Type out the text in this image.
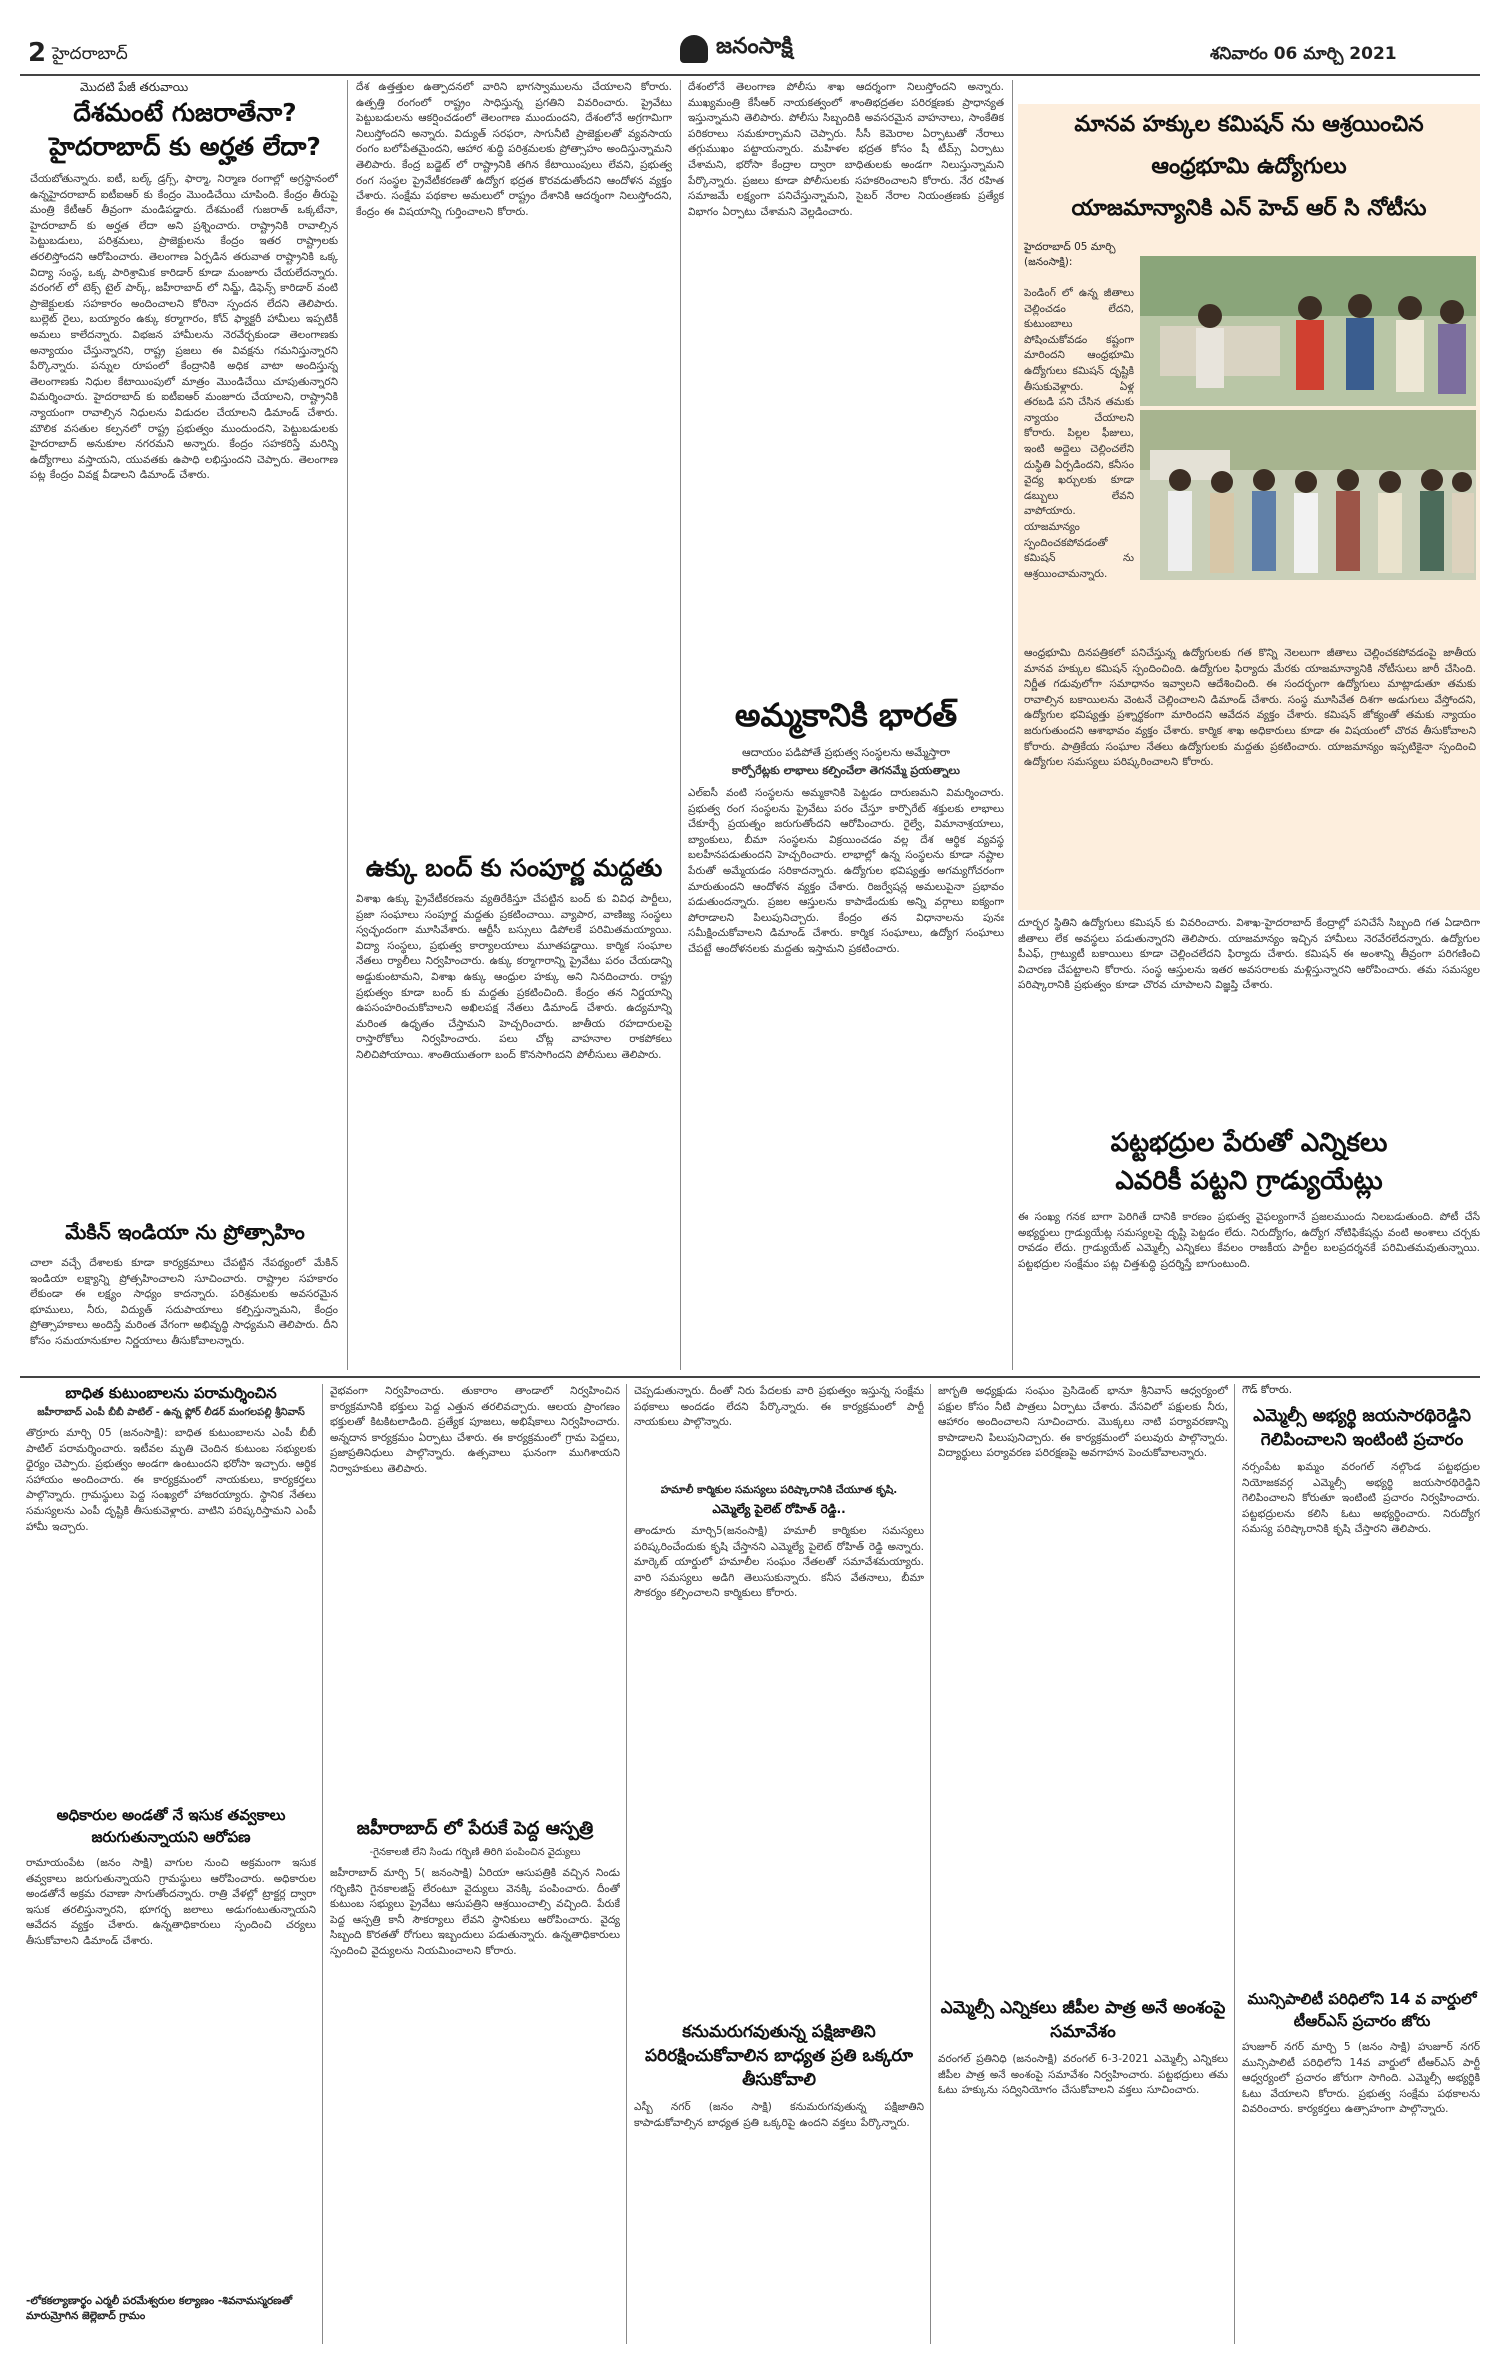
2 హైదరాబాద్	జనంసాక్షి	శనివారం 06 మార్చి 2021
మొదటి పేజీ తరువాయి
దేశమంటే గుజరాతేనా?
హైదరాబాద్ కు అర్హత లేదా?
చేయబోతున్నారు. ఐటీ, బల్క్ డ్రగ్స్, ఫార్మా, నిర్మాణ రంగాల్లో అగ్రస్థానంలో ఉన్నహైదరాబాద్ ఐటీఐఆర్ కు కేంద్రం మొండిచేయి చూపింది. కేంద్రం తీరుపై మంత్రి కేటీఆర్ తీవ్రంగా మండిపడ్డారు. దేశమంటే గుజరాత్ ఒక్కటేనా, హైదరాబాద్ కు అర్హత లేదా అని ప్రశ్నించారు. రాష్ట్రానికి రావాల్సిన పెట్టుబడులు, పరిశ్రమలు, ప్రాజెక్టులను కేంద్రం ఇతర రాష్ట్రాలకు తరలిస్తోందని ఆరోపించారు. తెలంగాణ ఏర్పడిన తరువాత రాష్ట్రానికి ఒక్క విద్యా సంస్థ, ఒక్క పారిశ్రామిక కారిడార్ కూడా మంజూరు చేయలేదన్నారు. వరంగల్ లో టెక్స్ టైల్ పార్క్, జహీరాబాద్ లో నిమ్జ్, డిఫెన్స్ కారిడార్ వంటి ప్రాజెక్టులకు సహకారం అందించాలని కోరినా స్పందన లేదని తెలిపారు. బుల్లెట్ రైలు, బయ్యారం ఉక్కు కర్మాగారం, కోచ్ ఫ్యాక్టరీ హామీలు ఇప్పటికీ అమలు కాలేదన్నారు. విభజన హామీలను నెరవేర్చకుండా తెలంగాణకు అన్యాయం చేస్తున్నారని, రాష్ట్ర ప్రజలు ఈ వివక్షను గమనిస్తున్నారని పేర్కొన్నారు. పన్నుల రూపంలో కేంద్రానికి అధిక వాటా అందిస్తున్న తెలంగాణకు నిధుల కేటాయింపులో మాత్రం మొండిచేయి చూపుతున్నారని విమర్శించారు. హైదరాబాద్ కు ఐటీఐఆర్ మంజూరు చేయాలని, రాష్ట్రానికి న్యాయంగా రావాల్సిన నిధులను విడుదల చేయాలని డిమాండ్ చేశారు. మౌలిక వసతుల కల్పనలో రాష్ట్ర ప్రభుత్వం ముందుందని, పెట్టుబడులకు హైదరాబాద్ అనుకూల నగరమని అన్నారు. కేంద్రం సహకరిస్తే మరిన్ని ఉద్యోగాలు వస్తాయని, యువతకు ఉపాధి లభిస్తుందని చెప్పారు. తెలంగాణ పట్ల కేంద్రం వివక్ష వీడాలని డిమాండ్ చేశారు.
మేకిన్ ఇండియా ను ప్రోత్సాహిం
చాలా వచ్చే దేశాలకు కూడా కార్యక్రమాలు చేపట్టిన నేపథ్యంలో మేకిన్ ఇండియా లక్ష్యాన్ని ప్రోత్సహించాలని సూచించారు. రాష్ట్రాల సహకారం లేకుండా ఈ లక్ష్యం సాధ్యం కాదన్నారు. పరిశ్రమలకు అవసరమైన భూములు, నీరు, విద్యుత్ సదుపాయాలు కల్పిస్తున్నామని, కేంద్రం ప్రోత్సాహకాలు అందిస్తే మరింత వేగంగా అభివృద్ధి సాధ్యమని తెలిపారు. దీని కోసం సమయానుకూల నిర్ణయాలు తీసుకోవాలన్నారు.
దేశ ఉత్తత్తుల ఉత్పాదనలో వారిని భాగస్వాములను చేయాలని కోరారు. ఉత్పత్తి రంగంలో రాష్ట్రం సాధిస్తున్న ప్రగతిని వివరించారు. ప్రైవేటు పెట్టుబడులను ఆకర్షించడంలో తెలంగాణ ముందుందని, దేశంలోనే అగ్రగామిగా నిలుస్తోందని అన్నారు. విద్యుత్ సరఫరా, సాగునీటి ప్రాజెక్టులతో వ్యవసాయ రంగం బలోపేతమైందని, ఆహార శుద్ధి పరిశ్రమలకు ప్రోత్సాహం అందిస్తున్నామని తెలిపారు. కేంద్ర బడ్జెట్ లో రాష్ట్రానికి తగిన కేటాయింపులు లేవని, ప్రభుత్వ రంగ సంస్థల ప్రైవేటీకరణతో ఉద్యోగ భద్రత కొరవడుతోందని ఆందోళన వ్యక్తం చేశారు. సంక్షేమ పథకాల అమలులో రాష్ట్రం దేశానికి ఆదర్శంగా నిలుస్తోందని, కేంద్రం ఈ విషయాన్ని గుర్తించాలని కోరారు.
ఉక్కు బంద్ కు సంపూర్ణ మద్దతు
విశాఖ ఉక్కు ప్రైవేటీకరణను వ్యతిరేకిస్తూ చేపట్టిన బంద్ కు వివిధ పార్టీలు, ప్రజా సంఘాలు సంపూర్ణ మద్దతు ప్రకటించాయి. వ్యాపార, వాణిజ్య సంస్థలు స్వచ్ఛందంగా మూసివేశారు. ఆర్టీసీ బస్సులు డిపోలకే పరిమితమయ్యాయి. విద్యా సంస్థలు, ప్రభుత్వ కార్యాలయాలు మూతపడ్డాయి. కార్మిక సంఘాల నేతలు ర్యాలీలు నిర్వహించారు. ఉక్కు కర్మాగారాన్ని ప్రైవేటు పరం చేయడాన్ని అడ్డుకుంటామని, విశాఖ ఉక్కు ఆంధ్రుల హక్కు అని నినదించారు. రాష్ట్ర ప్రభుత్వం కూడా బంద్ కు మద్దతు ప్రకటించింది. కేంద్రం తన నిర్ణయాన్ని ఉపసంహరించుకోవాలని అఖిలపక్ష నేతలు డిమాండ్ చేశారు. ఉద్యమాన్ని మరింత ఉధృతం చేస్తామని హెచ్చరించారు. జాతీయ రహదారులపై రాస్తారోకోలు నిర్వహించారు. పలు చోట్ల వాహనాల రాకపోకలు నిలిచిపోయాయి. శాంతియుతంగా బంద్ కొనసాగిందని పోలీసులు తెలిపారు.
దేశంలోనే తెలంగాణ పోలీసు శాఖ ఆదర్శంగా నిలుస్తోందని అన్నారు. ముఖ్యమంత్రి కేసీఆర్ నాయకత్వంలో శాంతిభద్రతల పరిరక్షణకు ప్రాధాన్యత ఇస్తున్నామని తెలిపారు. పోలీసు సిబ్బందికి అవసరమైన వాహనాలు, సాంకేతిక పరికరాలు సమకూర్చామని చెప్పారు. సీసీ కెమెరాల ఏర్పాటుతో నేరాలు తగ్గుముఖం పట్టాయన్నారు. మహిళల భద్రత కోసం షీ టీమ్స్ ఏర్పాటు చేశామని, భరోసా కేంద్రాల ద్వారా బాధితులకు అండగా నిలుస్తున్నామని పేర్కొన్నారు. ప్రజలు కూడా పోలీసులకు సహకరించాలని కోరారు. నేర రహిత సమాజమే లక్ష్యంగా పనిచేస్తున్నామని, సైబర్ నేరాల నియంత్రణకు ప్రత్యేక విభాగం ఏర్పాటు చేశామని వెల్లడించారు.
అమ్మకానికి భారత్
ఆదాయం పడిపోతే ప్రభుత్వ సంస్థలను అమ్మేస్తారా
కార్పోరేట్లకు లాభాలు కల్పించేలా తెగనమ్మే ప్రయత్నాలు
ఎల్ఐసీ వంటి సంస్థలను అమ్మకానికి పెట్టడం దారుణమని విమర్శించారు. ప్రభుత్వ రంగ సంస్థలను ప్రైవేటు పరం చేస్తూ కార్పొరేట్ శక్తులకు లాభాలు చేకూర్చే ప్రయత్నం జరుగుతోందని ఆరోపించారు. రైల్వే, విమానాశ్రయాలు, బ్యాంకులు, బీమా సంస్థలను విక్రయించడం వల్ల దేశ ఆర్థిక వ్యవస్థ బలహీనపడుతుందని హెచ్చరించారు. లాభాల్లో ఉన్న సంస్థలను కూడా నష్టాల పేరుతో అమ్మేయడం సరికాదన్నారు. ఉద్యోగుల భవిష్యత్తు అగమ్యగోచరంగా మారుతుందని ఆందోళన వ్యక్తం చేశారు. రిజర్వేషన్ల అమలుపైనా ప్రభావం పడుతుందన్నారు. ప్రజల ఆస్తులను కాపాడేందుకు అన్ని వర్గాలు ఐక్యంగా పోరాడాలని పిలుపునిచ్చారు. కేంద్రం తన విధానాలను పునః సమీక్షించుకోవాలని డిమాండ్ చేశారు. కార్మిక సంఘాలు, ఉద్యోగ సంఘాలు చేపట్టే ఆందోళనలకు మద్దతు ఇస్తామని ప్రకటించారు.
మానవ హక్కుల కమిషన్ ను ఆశ్రయించిన
ఆంధ్రభూమి ఉద్యోగులు
యాజమాన్యానికి ఎన్ హెచ్ ఆర్ సి నోటీసు
హైదరాబాద్ 05 మార్చి (జనంసాక్షి):
పెండింగ్ లో ఉన్న జీతాలు చెల్లించడం లేదని, కుటుంబాలు పోషించుకోవడం కష్టంగా మారిందని ఆంధ్రభూమి ఉద్యోగులు కమిషన్ దృష్టికి తీసుకువెళ్లారు. ఏళ్ల తరబడి పని చేసిన తమకు న్యాయం చేయాలని కోరారు. పిల్లల ఫీజులు, ఇంటి అద్దెలు చెల్లించలేని దుస్థితి ఏర్పడిందని, కనీసం వైద్య ఖర్చులకు కూడా డబ్బులు లేవని వాపోయారు. యాజమాన్యం స్పందించకపోవడంతో కమిషన్ ను ఆశ్రయించామన్నారు.
ఆంధ్రభూమి దినపత్రికలో పనిచేస్తున్న ఉద్యోగులకు గత కొన్ని నెలలుగా జీతాలు చెల్లించకపోవడంపై జాతీయ మానవ హక్కుల కమిషన్ స్పందించింది. ఉద్యోగుల ఫిర్యాదు మేరకు యాజమాన్యానికి నోటీసులు జారీ చేసింది. నిర్ణీత గడువులోగా సమాధానం ఇవ్వాలని ఆదేశించింది. ఈ సందర్భంగా ఉద్యోగులు మాట్లాడుతూ తమకు రావాల్సిన బకాయిలను వెంటనే చెల్లించాలని డిమాండ్ చేశారు. సంస్థ మూసివేత దిశగా అడుగులు వేస్తోందని, ఉద్యోగుల భవిష్యత్తు ప్రశ్నార్థకంగా మారిందని ఆవేదన వ్యక్తం చేశారు. కమిషన్ జోక్యంతో తమకు న్యాయం జరుగుతుందని ఆశాభావం వ్యక్తం చేశారు. కార్మిక శాఖ అధికారులు కూడా ఈ విషయంలో చొరవ తీసుకోవాలని కోరారు. పాత్రికేయ సంఘాల నేతలు ఉద్యోగులకు మద్దతు ప్రకటించారు. యాజమాన్యం ఇప్పటికైనా స్పందించి ఉద్యోగుల సమస్యలు పరిష్కరించాలని కోరారు.
దూర్భర స్థితిని ఉద్యోగులు కమిషన్ కు వివరించారు. విశాఖ-హైదరాబాద్ కేంద్రాల్లో పనిచేసే సిబ్బంది గత ఏడాదిగా జీతాలు లేక అవస్థలు పడుతున్నారని తెలిపారు. యాజమాన్యం ఇచ్చిన హామీలు నెరవేరలేదన్నారు. ఉద్యోగుల పీఎఫ్, గ్రాట్యుటీ బకాయిలు కూడా చెల్లించలేదని ఫిర్యాదు చేశారు. కమిషన్ ఈ అంశాన్ని తీవ్రంగా పరిగణించి విచారణ చేపట్టాలని కోరారు. సంస్థ ఆస్తులను ఇతర అవసరాలకు మళ్లిస్తున్నారని ఆరోపించారు. తమ సమస్యల పరిష్కారానికి ప్రభుత్వం కూడా చొరవ చూపాలని విజ్ఞప్తి చేశారు.
పట్టభద్రుల పేరుతో ఎన్నికలు
ఎవరికీ పట్టని గ్రాడ్యుయేట్లు
ఈ సంఖ్య గనక బాగా పెరిగితే దానికి కారణం ప్రభుత్వ వైఫల్యంగానే ప్రజలముందు నిలబడుతుంది. పోటీ చేసే అభ్యర్థులు గ్రాడ్యుయేట్ల సమస్యలపై దృష్టి పెట్టడం లేదు. నిరుద్యోగం, ఉద్యోగ నోటిఫికేషన్లు వంటి అంశాలు చర్చకు రావడం లేదు. గ్రాడ్యుయేట్ ఎమ్మెల్సీ ఎన్నికలు కేవలం రాజకీయ పార్టీల బలప్రదర్శనకే పరిమితమవుతున్నాయి. పట్టభద్రుల సంక్షేమం పట్ల చిత్తశుద్ధి ప్రదర్శిస్తే బాగుంటుంది.
బాధిత కుటుంబాలను పరామర్శించిన
జహీరాబాద్ ఎంపీ బీబీ పాటిల్ - ఉన్న ఫ్లోర్ లీడర్ మంగలపల్లి శ్రీనివాస్
తొర్రూరు మార్చి 05 (జనంసాక్షి): బాధిత కుటుంబాలను ఎంపీ బీబీ పాటిల్ పరామర్శించారు. ఇటీవల మృతి చెందిన కుటుంబ సభ్యులకు ధైర్యం చెప్పారు. ప్రభుత్వం అండగా ఉంటుందని భరోసా ఇచ్చారు. ఆర్థిక సహాయం అందించారు. ఈ కార్యక్రమంలో నాయకులు, కార్యకర్తలు పాల్గొన్నారు. గ్రామస్థులు పెద్ద సంఖ్యలో హాజరయ్యారు. స్థానిక నేతలు సమస్యలను ఎంపీ దృష్టికి తీసుకువెళ్లారు. వాటిని పరిష్కరిస్తామని ఎంపీ హామీ ఇచ్చారు.
అధికారుల అండతో నే ఇసుక తవ్వకాలు జరుగుతున్నాయని ఆరోపణ
రామాయంపేట (జనం సాక్షి) వాగుల నుంచి అక్రమంగా ఇసుక తవ్వకాలు జరుగుతున్నాయని గ్రామస్థులు ఆరోపించారు. అధికారుల అండతోనే అక్రమ రవాణా సాగుతోందన్నారు. రాత్రి వేళల్లో ట్రాక్టర్ల ద్వారా ఇసుక తరలిస్తున్నారని, భూగర్భ జలాలు అడుగంటుతున్నాయని ఆవేదన వ్యక్తం చేశారు. ఉన్నతాధికారులు స్పందించి చర్యలు తీసుకోవాలని డిమాండ్ చేశారు.
-లోకకల్యాణార్థం ఎర్మలీ పరమేశ్వరుల కల్యాణం -శివనామస్మరణతో మారుమ్రోగిన జెల్లెబాద్ గ్రామం
వైభవంగా నిర్వహించారు. తుకారాం తాండాలో నిర్వహించిన కార్యక్రమానికి భక్తులు పెద్ద ఎత్తున తరలివచ్చారు. ఆలయ ప్రాంగణం భక్తులతో కిటకిటలాడింది. ప్రత్యేక పూజలు, అభిషేకాలు నిర్వహించారు. అన్నదాన కార్యక్రమం ఏర్పాటు చేశారు. ఈ కార్యక్రమంలో గ్రామ పెద్దలు, ప్రజాప్రతినిధులు పాల్గొన్నారు. ఉత్సవాలు ఘనంగా ముగిశాయని నిర్వాహకులు తెలిపారు.
జహీరాబాద్ లో పేరుకే పెద్ద ఆస్పత్రి
-గైనకాలజీ లేని సిండు గర్భిణి తిరిగి పంపించిన వైద్యులు
జహీరాబాద్ మార్చి 5( జనంసాక్షి) ఏరియా ఆసుపత్రికి వచ్చిన నిండు గర్భిణిని గైనకాలజిస్ట్ లేరంటూ వైద్యులు వెనక్కి పంపించారు. దీంతో కుటుంబ సభ్యులు ప్రైవేటు ఆసుపత్రిని ఆశ్రయించాల్సి వచ్చింది. పేరుకే పెద్ద ఆస్పత్రి కానీ సౌకర్యాలు లేవని స్థానికులు ఆరోపించారు. వైద్య సిబ్బంది కొరతతో రోగులు ఇబ్బందులు పడుతున్నారు. ఉన్నతాధికారులు స్పందించి వైద్యులను నియమించాలని కోరారు.
చెప్పడుతున్నారు. దీంతో నిరు పేదలకు వారి ప్రభుత్వం ఇస్తున్న సంక్షేమ పథకాలు అందడం లేదని పేర్కొన్నారు. ఈ కార్యక్రమంలో పార్టీ నాయకులు పాల్గొన్నారు.
హమాలీ కార్మికుల సమస్యలు పరిష్కారానికి చేయూత కృషి.
ఎమ్మెల్యే పైలెట్ రోహిత్ రెడ్డి..
తాండూరు మార్చి5(జనంసాక్షి) హమాలీ కార్మికుల సమస్యలు పరిష్కరించేందుకు కృషి చేస్తానని ఎమ్మెల్యే పైలెట్ రోహిత్ రెడ్డి అన్నారు. మార్కెట్ యార్డులో హమాలీల సంఘం నేతలతో సమావేశమయ్యారు. వారి సమస్యలు అడిగి తెలుసుకున్నారు. కనీస వేతనాలు, బీమా సౌకర్యం కల్పించాలని కార్మికులు కోరారు.
కనుమరుగవుతున్న పక్షిజాతిని పరిరక్షించుకోవాలిన బాధ్యత ప్రతి ఒక్కరూ తీసుకోవాలి
ఎస్బీ నగర్ (జనం సాక్షి) కనుమరుగవుతున్న పక్షిజాతిని కాపాడుకోవాల్సిన బాధ్యత ప్రతి ఒక్కరిపై ఉందని వక్తలు పేర్కొన్నారు.
జాగృతి అధ్యక్షుడు సంఘం ప్రెసిడెంట్ భానూ శ్రీనివాస్ ఆధ్వర్యంలో పక్షుల కోసం నీటి పాత్రలు ఏర్పాటు చేశారు. వేసవిలో పక్షులకు నీరు, ఆహారం అందించాలని సూచించారు. మొక్కలు నాటి పర్యావరణాన్ని కాపాడాలని పిలుపునిచ్చారు. ఈ కార్యక్రమంలో పలువురు పాల్గొన్నారు. విద్యార్థులు పర్యావరణ పరిరక్షణపై అవగాహన పెంచుకోవాలన్నారు.
ఎమ్మెల్సీ ఎన్నికలు జీపీల పాత్ర అనే అంశంపై సమావేశం
వరంగల్ ప్రతినిధి (జనంసాక్షి) వరంగల్ 6-3-2021 ఎమ్మెల్సీ ఎన్నికలు జీపీల పాత్ర అనే అంశంపై సమావేశం నిర్వహించారు. పట్టభద్రులు తమ ఓటు హక్కును సద్వినియోగం చేసుకోవాలని వక్తలు సూచించారు.
గౌడ్ కోరారు.
ఎమ్మెల్సీ అభ్యర్థి జయసారథిరెడ్డిని గెలిపించాలని ఇంటింటి ప్రచారం
నర్సంపేట ఖమ్మం వరంగల్ నల్గొండ పట్టభద్రుల నియోజకవర్గ ఎమ్మెల్సీ అభ్యర్థి జయసారథిరెడ్డిని గెలిపించాలని కోరుతూ ఇంటింటి ప్రచారం నిర్వహించారు. పట్టభద్రులను కలిసి ఓటు అభ్యర్థించారు. నిరుద్యోగ సమస్య పరిష్కారానికి కృషి చేస్తారని తెలిపారు.
మున్సిపాలిటీ పరిధిలోని 14 వ వార్డులో టీఆర్ఎస్ ప్రచారం జోరు
హుజూర్ నగర్ మార్చి 5 (జనం సాక్షి) హుజూర్ నగర్ మున్సిపాలిటీ పరిధిలోని 14వ వార్డులో టీఆర్ఎస్ పార్టీ ఆధ్వర్యంలో ప్రచారం జోరుగా సాగింది. ఎమ్మెల్సీ అభ్యర్థికి ఓటు వేయాలని కోరారు. ప్రభుత్వ సంక్షేమ పథకాలను వివరించారు. కార్యకర్తలు ఉత్సాహంగా పాల్గొన్నారు.
